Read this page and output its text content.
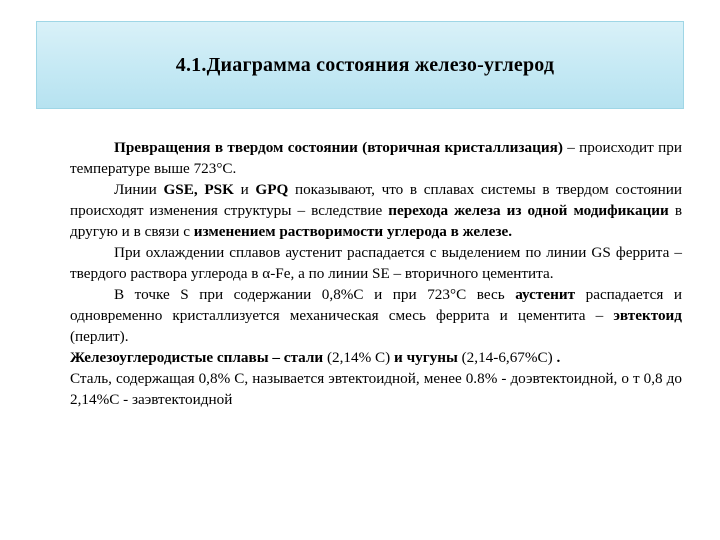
4.1.Диаграмма состояния железо-углерод

Превращения в твердом состоянии (вторичная кристаллизация) – происходит при температуре выше 723°С.

Линии GSE, PSK и GPQ показывают, что в сплавах системы в твердом состоянии происходят изменения структуры – вследствие перехода железа из одной модификации в другую и в связи с изменением растворимости углерода в железе.

При охлаждении сплавов аустенит распадается с выделением по линии GS феррита – твердого раствора углерода в α-Fe, а по линии SE – вторичного цементита.

В точке S при содержании 0,8%С и при 723°С весь аустенит распадается и одновременно кристаллизуется механическая смесь феррита и цементита – эвтектоид (перлит).

Железоуглеродистые сплавы – стали (2,14% С) и чугуны (2,14-6,67%С) .

Сталь, содержащая 0,8% С, называется эвтектоидной, менее 0.8% - доэвтектоидной, о т 0,8 до 2,14%С - заэвтектоидной
